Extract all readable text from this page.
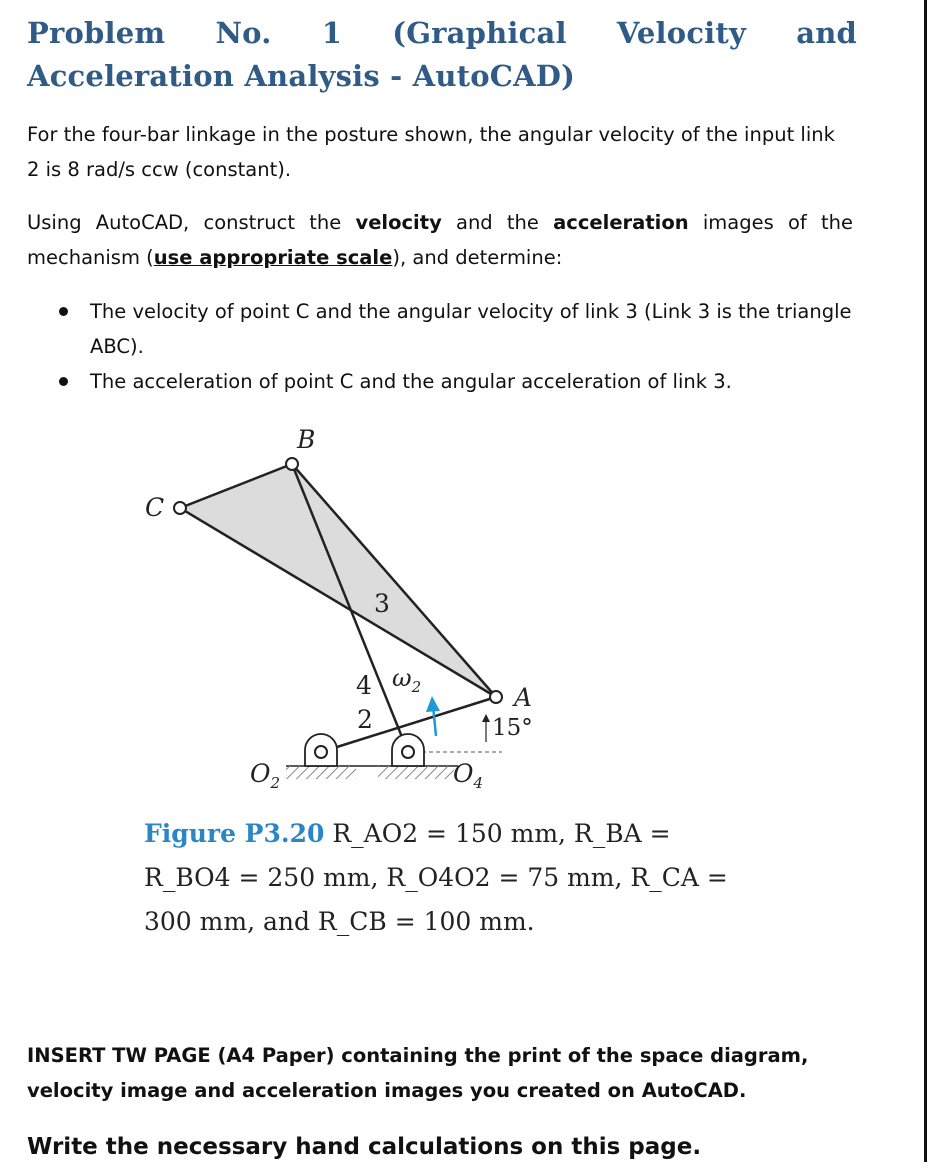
Problem No. 1 (Graphical Velocity and Acceleration Analysis - AutoCAD)

For the four-bar linkage in the posture shown, the angular velocity of the input link 2 is 8 rad/s ccw (constant).

Using AutoCAD, construct the velocity and the acceleration images of the mechanism (use appropriate scale), and determine:

The velocity of point C and the angular velocity of link 3 (Link 3 is the triangle ABC).
The acceleration of point C and the angular acceleration of link 3.
B
C
A
3
4
2
$\omega_2$
15°
$O_2$	$O_4$
Figure P3.20 R_AO2 = 150 mm, R_BA = R_BO4 = 250 mm, R_O4O2 = 75 mm, R_CA = 300 mm, and R_CB = 100 mm.

INSERT TW PAGE (A4 Paper) containing the print of the space diagram, velocity image and acceleration images you created on AutoCAD.

Write the necessary hand calculations on this page.
